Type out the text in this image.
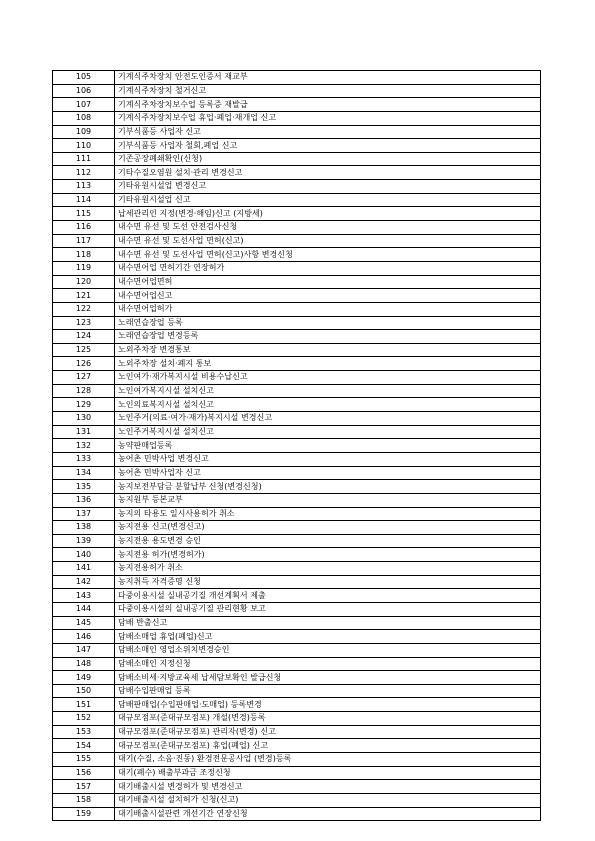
105	기계식주차장치 안전도인증서 재교부
106	기계식주차장치 철거신고
107	기계식주차장치보수업 등록증 재발급
108	기계식주차장치보수업 휴업·폐업·재개업 신고
109	기부식품등 사업자 신고
110	기부식품등 사업자 철회,폐업 신고
111	기존공장폐쇄확인(신청)
112	기타수질오염원 설치·관리 변경신고
113	기타유원시설업 변경신고
114	기타유원시설업 신고
115	납세관리인 지정(변경·해임)신고 (지방세)
116	내수면 유선 및 도선 안전검사신청
117	내수면 유선 및 도선사업 면허(신고)
118	내수면 유선 및 도선사업 면허(신고)사항 변경신청
119	내수면어업 면허기간 연장허가
120	내수면어업면허
121	내수면어업신고
122	내수면어업허가
123	노래연습장업 등록
124	노래연습장업 변경등록
125	노외주차장 변경통보
126	노외주차장 설치·폐지 통보
127	노인여가·재가복지시설 비용수납신고
128	노인여가복지시설 설치신고
129	노인의료복지시설 설치신고
130	노인주거(의료·여가·재가)복지시설 변경신고
131	노인주거복지시설 설치신고
132	농약판매업등록
133	농어촌 민박사업 변경신고
134	농어촌 민박사업자 신고
135	농지보전부담금 분할납부 신청(변경신청)
136	농지원부 등본교부
137	농지의 타용도 일시사용허가 취소
138	농지전용 신고(변경신고)
139	농지전용 용도변경 승인
140	농지전용 허가(변경허가)
141	농지전용허가 취소
142	농지취득 자격증명 신청
143	다중이용시설 실내공기질 개선계획서 제출
144	다중이용시설의 실내공기질 관리현황 보고
145	담배 반출신고
146	담배소매업 휴업(폐업)신고
147	담배소매인 영업소위치변경승인
148	담배소매인 지정신청
149	담배소비세·지방교육세 납세담보확인 발급신청
150	담배수입판매업 등록
151	담배판매업(수입판매업·도매업) 등록변경
152	대규모점포(준대규모점포) 개설(변경)등록
153	대규모점포(준대규모점포) 관리자(변경) 신고
154	대규모점포(준대규모점포) 휴업(폐업) 신고
155	대기(수질, 소음·진동) 환경전문공사업 (변경)등록
156	대기(폐수) 배출부과금 조정신청
157	대기배출시설 변경허가 및 변경신고
158	대기배출시설 설치허가 신청(신고)
159	대기배출시설관련 개선기간 연장신청
